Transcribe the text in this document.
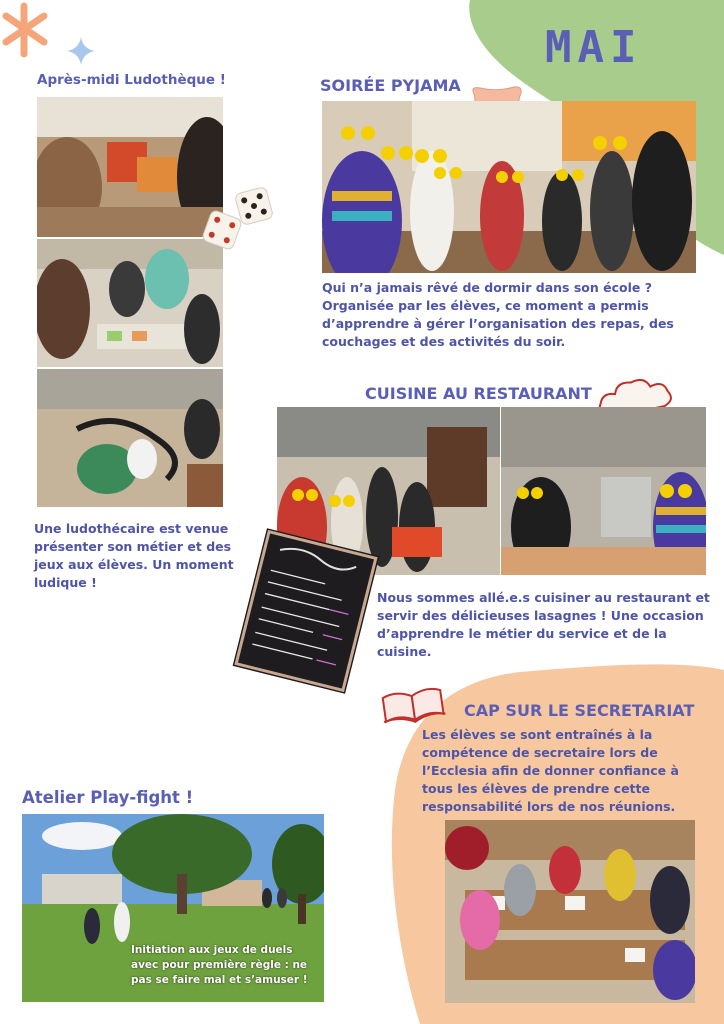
MAI
Après-midi Ludothèque !
Une ludothécaire est venue présenter son métier et des jeux aux élèves. Un moment ludique !
SOIRÉE PYJAMA
Qui n’a jamais rêvé de dormir dans son école ? Organisée par les élèves, ce moment a permis d’apprendre à gérer l’organisation des repas, des couchages et des activités du soir.
CUISINE AU RESTAURANT
Nous sommes allé.e.s cuisiner au restaurant et servir des délicieuses lasagnes ! Une occasion d’apprendre le métier du service et de la cuisine.
CAP SUR LE SECRETARIAT
Les élèves se sont entraînés à la compétence de secretaire lors de l’Ecclesia afin de donner confiance à tous les élèves de prendre cette responsabilité lors de nos réunions.
Atelier Play-fight !
Initiation aux jeux de duels avec pour première règle : ne pas se faire mal et s’amuser !
